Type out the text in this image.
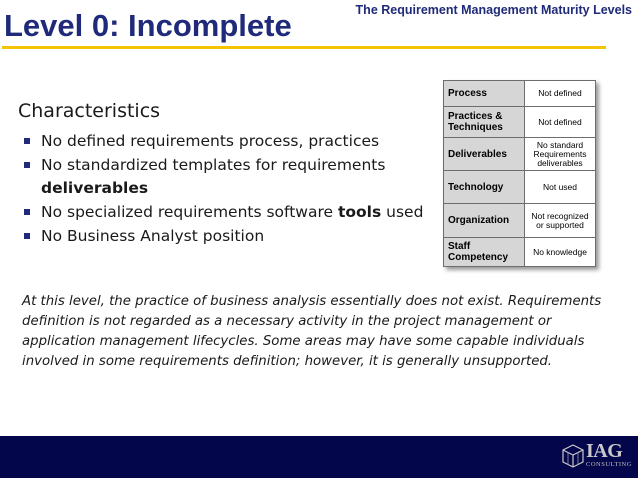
Level 0: Incomplete	The Requirement Management Maturity Levels
Characteristics
No defined requirements process, practices
No standardized templates for requirements deliverables
No specialized requirements software tools used
No Business Analyst position
Process	Not defined
Practices & Techniques	Not defined
Deliverables	No standard Requirements deliverables
Technology	Not used
Organization	Not recognized or supported
Staff Competency	No knowledge
At this level, the practice of business analysis essentially does not exist. Requirements definition is not regarded as a necessary activity in the project management or application management lifecycles. Some areas may have some capable individuals involved in some requirements definition; however, it is generally unsupported.
IAG
CONSULTING
